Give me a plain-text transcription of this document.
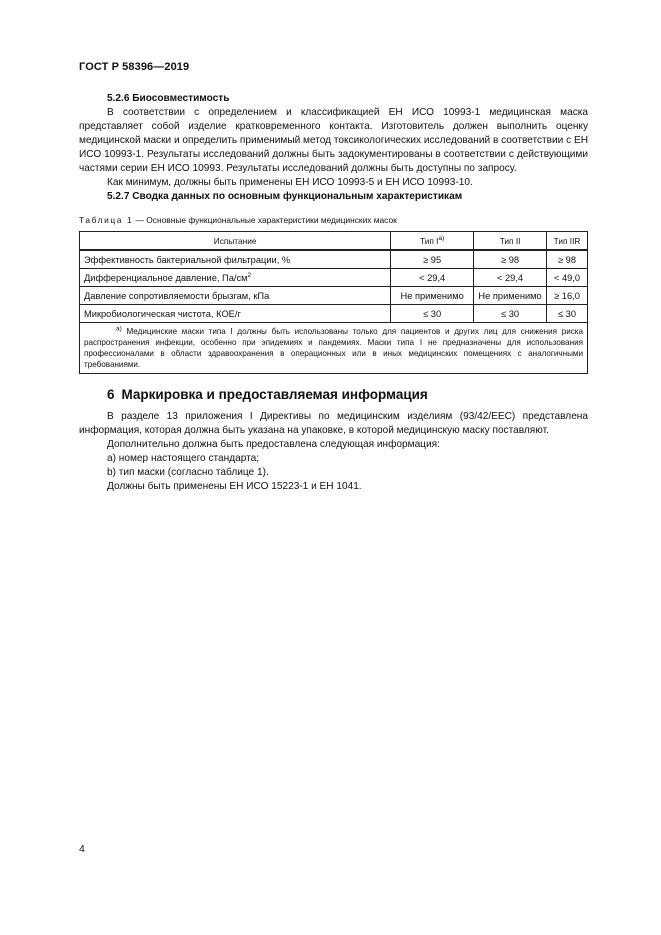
ГОСТ Р 58396—2019

5.2.6 Биосовместимость

В соответствии с определением и классификацией ЕН ИСО 10993-1 медицинская маска представляет собой изделие кратковременного контакта. Изготовитель должен выполнить оценку медицинской маски и определить применимый метод токсикологических исследований в соответствии с ЕН ИСО 10993-1. Результаты исследований должны быть задокументированы в соответствии с действующими частями серии ЕН ИСО 10993. Результаты исследований должны быть доступны по запросу.

Как минимум, должны быть применены ЕН ИСО 10993-5 и ЕН ИСО 10993-10.

5.2.7 Сводка данных по основным функциональным характеристикам

Таблица 1 — Основные функциональные характеристики медицинских масок
Испытание	Тип $I^{a)}$	Тип II	Тип IIR
Эффективность бактериальной фильтрации, %	≥ 95	≥ 98	≥ 98
Дифференциальное давление, $Па/см^2$	< 29,4	< 29,4	< 49,0
Давление сопротивляемости брызгам, кПа	Не применимо	Не применимо	≥ 16,0
Микробиологическая чистота, КОЕ/г	≤ 30	≤ 30	≤ 30
$^{a)}$ Медицинские маски типа I должны быть использованы только для пациентов и других лиц для снижения риска распространения инфекции, особенно при эпидемиях и пандемиях. Маски типа I не предназначены для использования профессионалами в области здравоохранения в операционных или в иных медицинских помещениях с аналогичными требованиями.			
6 Маркировка и предоставляемая информация

В разделе 13 приложения I Директивы по медицинским изделиям (93/42/EEC) представлена информация, которая должна быть указана на упаковке, в которой медицинскую маску поставляют.

Дополнительно должна быть предоставлена следующая информация:

a) номер настоящего стандарта;

b) тип маски (согласно таблице 1).

Должны быть применены ЕН ИСО 15223-1 и ЕН 1041.

4
